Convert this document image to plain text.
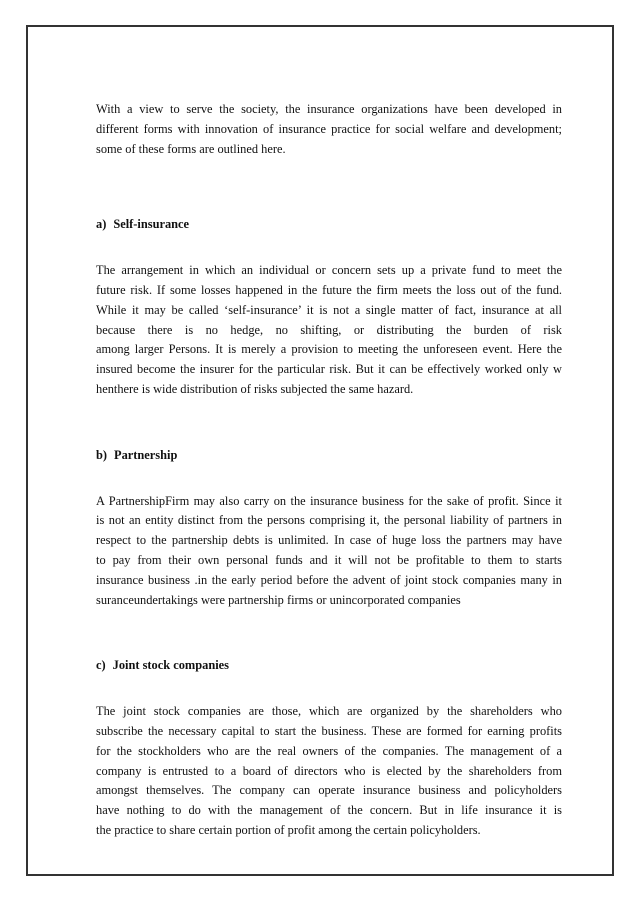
With a view to serve the society, the insurance organizations have been developed in
different forms with innovation of insurance practice for social welfare and development;
some of these forms are outlined here.

a) Self-insurance

The arrangement in which an individual or concern sets up a private fund to meet the
future risk. If some losses happened in the future the firm meets the loss out of the fund.
While it may be called ‘self-insurance’ it is not a single matter of fact, insurance at all
because there is no hedge, no shifting, or distributing the burden of risk
among larger Persons. It is merely a provision to meeting the unforeseen event. Here the
insured become the insurer for the particular risk. But it can be effectively worked only w
henthere is wide distribution of risks subjected the same hazard.

b) Partnership

A PartnershipFirm may also carry on the insurance business for the sake of profit. Since it
is not an entity distinct from the persons comprising it, the personal liability of partners in
respect to the partnership debts is unlimited. In case of huge loss the partners may have
to pay from their own personal funds and it will not be profitable to them to starts
insurance business .in the early period before the advent of joint stock companies many in
suranceundertakings were partnership firms or unincorporated companies

c) Joint stock companies

The joint stock companies are those, which are organized by the shareholders who
subscribe the necessary capital to start the business. These are formed for earning profits
for the stockholders who are the real owners of the companies. The management of a
company is entrusted to a board of directors who is elected by the shareholders from
amongst themselves. The company can operate insurance business and policyholders
have nothing to do with the management of the concern. But in life insurance it is
the practice to share certain portion of profit among the certain policyholders.
